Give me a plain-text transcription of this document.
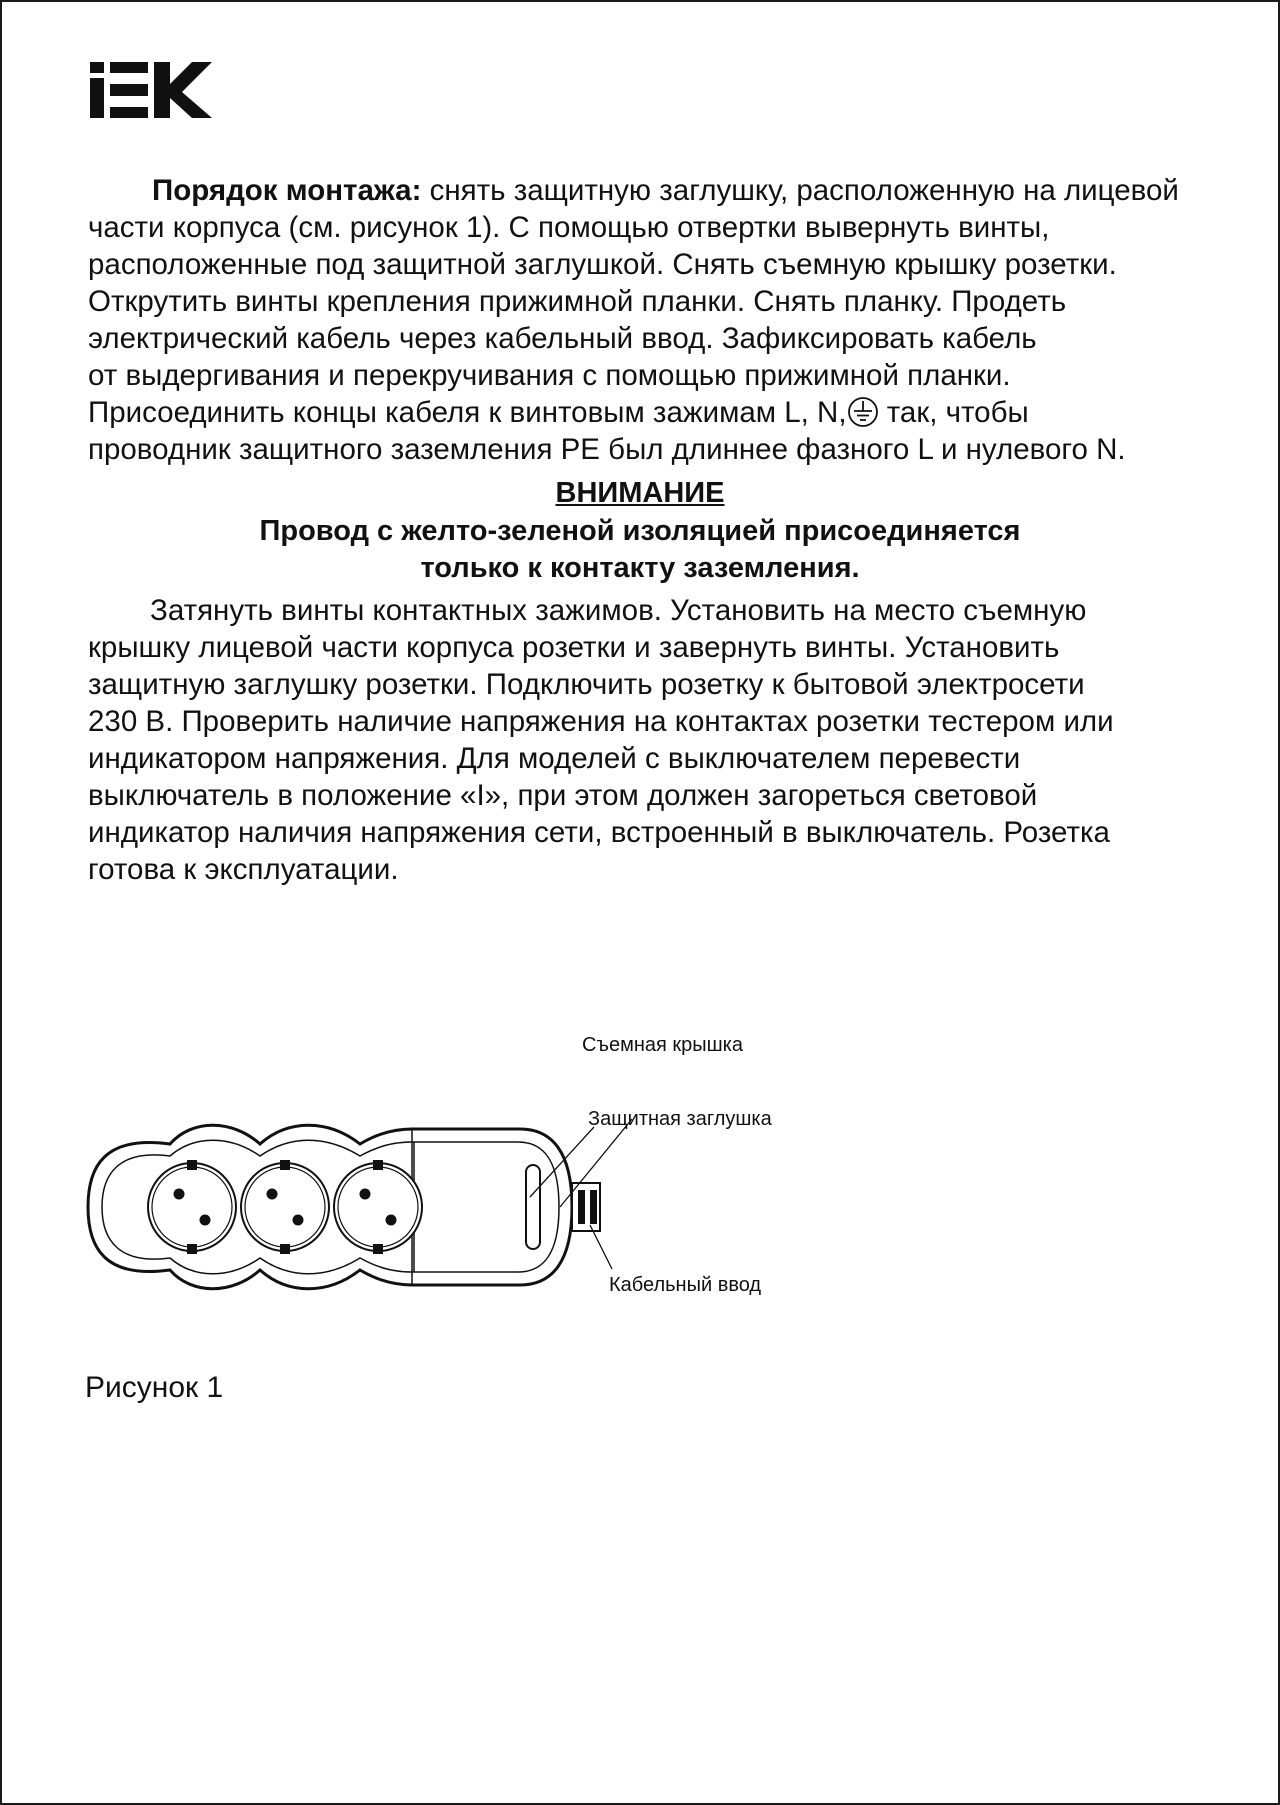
Порядок монтажа: снять защитную заглушку, расположенную на лицевой
части корпуса (см. рисунок 1). С помощью отвертки вывернуть винты,
расположенные под защитной заглушкой. Снять съемную крышку розетки.
Открутить винты крепления прижимной планки. Снять планку. Продеть
электрический кабель через кабельный ввод. Зафиксировать кабель
от выдергивания и перекручивания с помощью прижимной планки.
Присоединить концы кабеля к винтовым зажимам L, N, так, чтобы
проводник защитного заземления PE был длиннее фазного L и нулевого N.

ВНИМАНИЕ
Провод с желто-зеленой изоляцией присоединяется
только к контакту заземления.

Затянуть винты контактных зажимов. Установить на место съемную
крышку лицевой части корпуса розетки и завернуть винты. Установить
защитную заглушку розетки. Подключить розетку к бытовой электросети
230 В. Проверить наличие напряжения на контактах розетки тестером или
индикатором напряжения. Для моделей с выключателем перевести
выключатель в положение «I», при этом должен загореться световой
индикатор наличия напряжения сети, встроенный в выключатель. Розетка
готова к эксплуатации.

Съемная крышка
Защитная заглушка
Кабельный ввод
Рисунок 1
